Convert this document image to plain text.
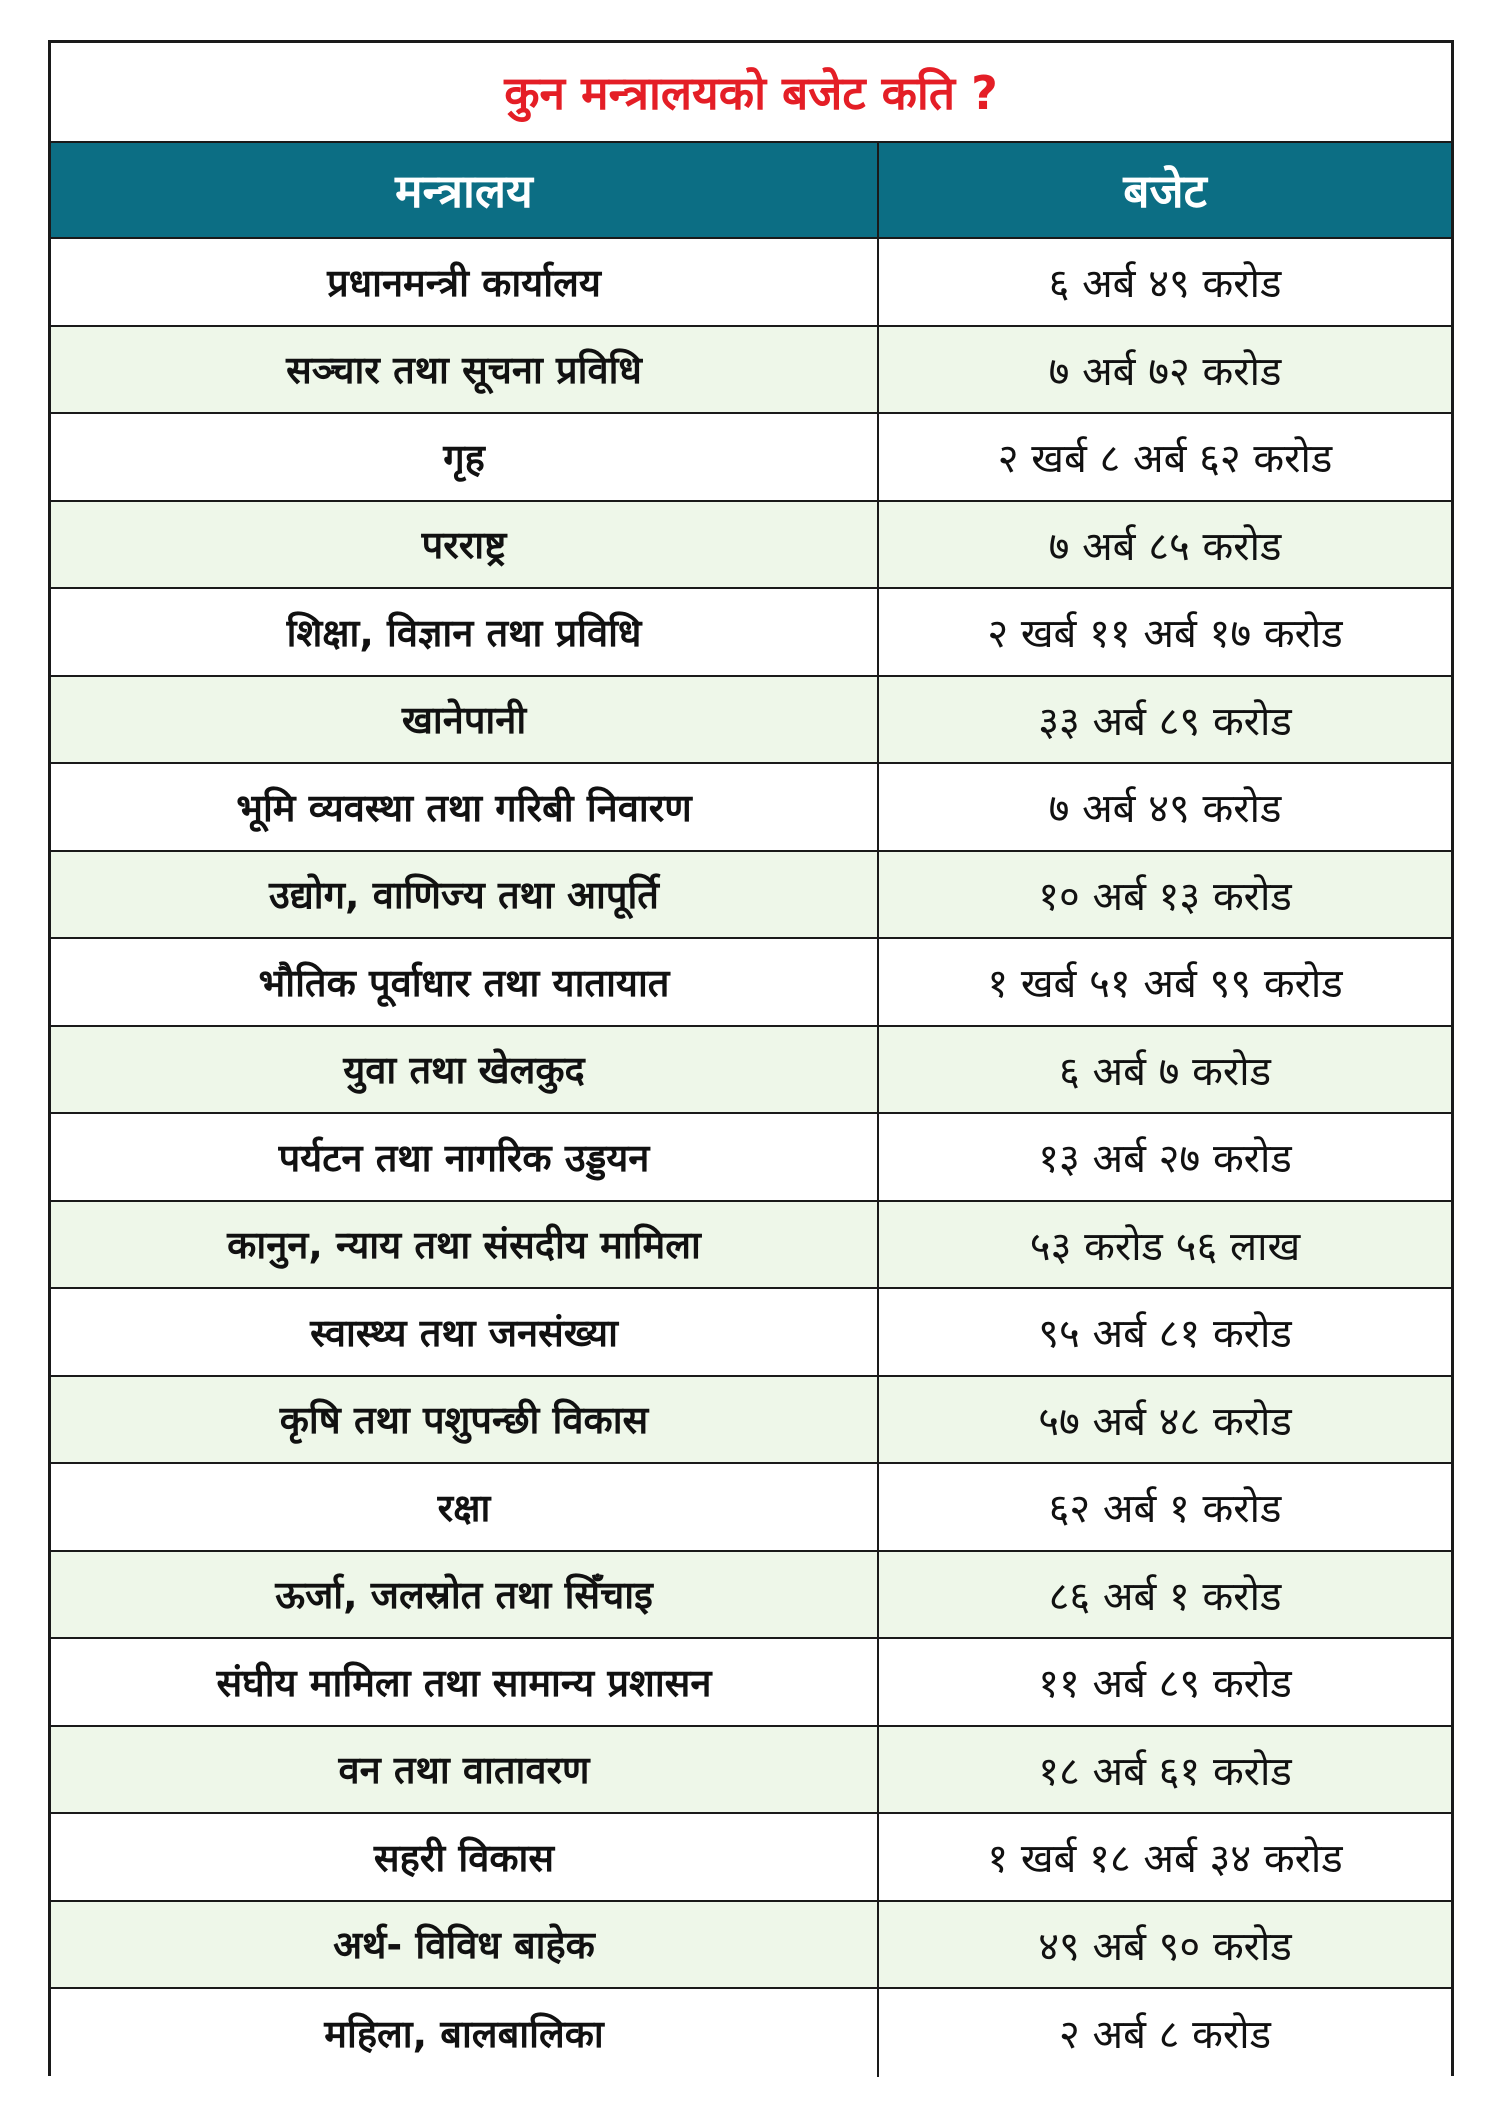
कुन मन्त्रालयको बजेट कति ?
मन्त्रालय	बजेट
प्रधानमन्त्री कार्यालय	६ अर्ब ४९ करोड
सञ्चार तथा सूचना प्रविधि	७ अर्ब ७२ करोड
गृह	२ खर्ब ८ अर्ब ६२ करोड
परराष्ट्र	७ अर्ब ८५ करोड
शिक्षा, विज्ञान तथा प्रविधि	२ खर्ब ११ अर्ब १७ करोड
खानेपानी	३३ अर्ब ८९ करोड
भूमि व्यवस्था तथा गरिबी निवारण	७ अर्ब ४९ करोड
उद्योग, वाणिज्य तथा आपूर्ति	१० अर्ब १३ करोड
भौतिक पूर्वाधार तथा यातायात	१ खर्ब ५१ अर्ब ९९ करोड
युवा तथा खेलकुद	६ अर्ब ७ करोड
पर्यटन तथा नागरिक उड्डयन	१३ अर्ब २७ करोड
कानुन, न्याय तथा संसदीय मामिला	५३ करोड ५६ लाख
स्वास्थ्य तथा जनसंख्या	९५ अर्ब ८१ करोड
कृषि तथा पशुपन्छी विकास	५७ अर्ब ४८ करोड
रक्षा	६२ अर्ब १ करोड
ऊर्जा, जलस्रोत तथा सिँचाइ	८६ अर्ब १ करोड
संघीय मामिला तथा सामान्य प्रशासन	११ अर्ब ८९ करोड
वन तथा वातावरण	१८ अर्ब ६१ करोड
सहरी विकास	१ खर्ब १८ अर्ब ३४ करोड
अर्थ- विविध बाहेक	४९ अर्ब ९० करोड
महिला, बालबालिका	२ अर्ब ८ करोड
